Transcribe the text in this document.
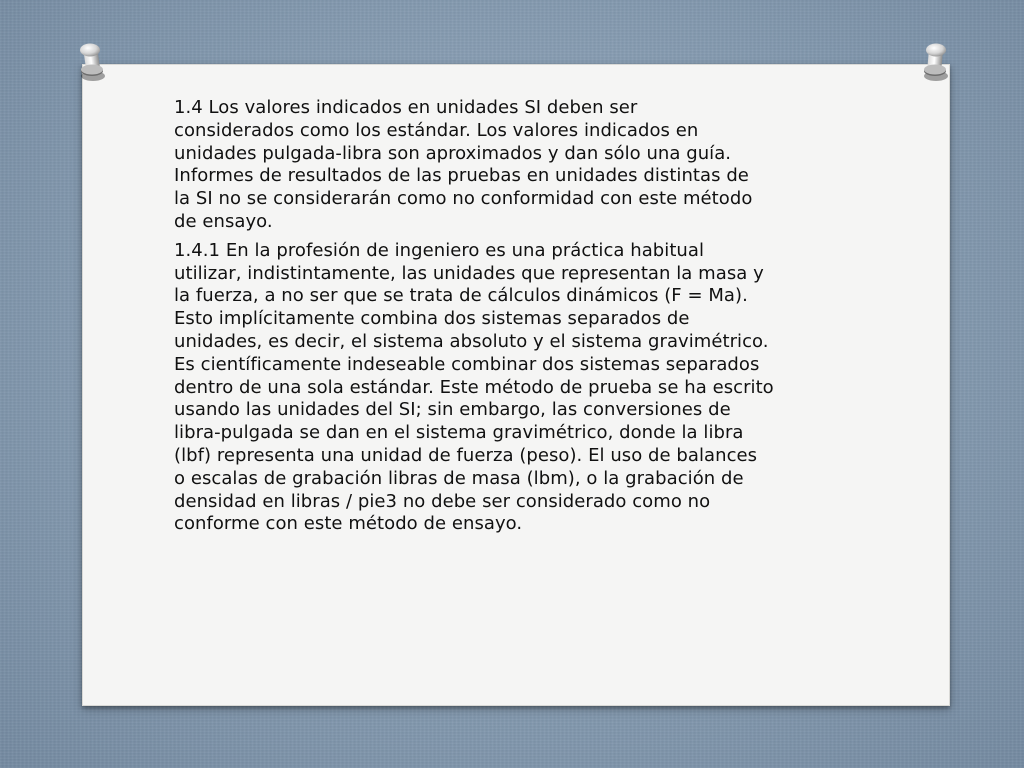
1.4 Los valores indicados en unidades SI deben ser
considerados como los estándar. Los valores indicados en
unidades pulgada-libra son aproximados y dan sólo una guía.
Informes de resultados de las pruebas en unidades distintas de
la SI no se considerarán como no conformidad con este método
de ensayo.

1.4.1 En la profesión de ingeniero es una práctica habitual
utilizar, indistintamente, las unidades que representan la masa y
la fuerza, a no ser que se trata de cálculos dinámicos (F = Ma).
Esto implícitamente combina dos sistemas separados de
unidades, es decir, el sistema absoluto y el sistema gravimétrico.
Es científicamente indeseable combinar dos sistemas separados
dentro de una sola estándar. Este método de prueba se ha escrito
usando las unidades del SI; sin embargo, las conversiones de
libra-pulgada se dan en el sistema gravimétrico, donde la libra
(lbf) representa una unidad de fuerza (peso). El uso de balances
o escalas de grabación libras de masa (lbm), o la grabación de
densidad en libras / pie3 no debe ser considerado como no
conforme con este método de ensayo.
